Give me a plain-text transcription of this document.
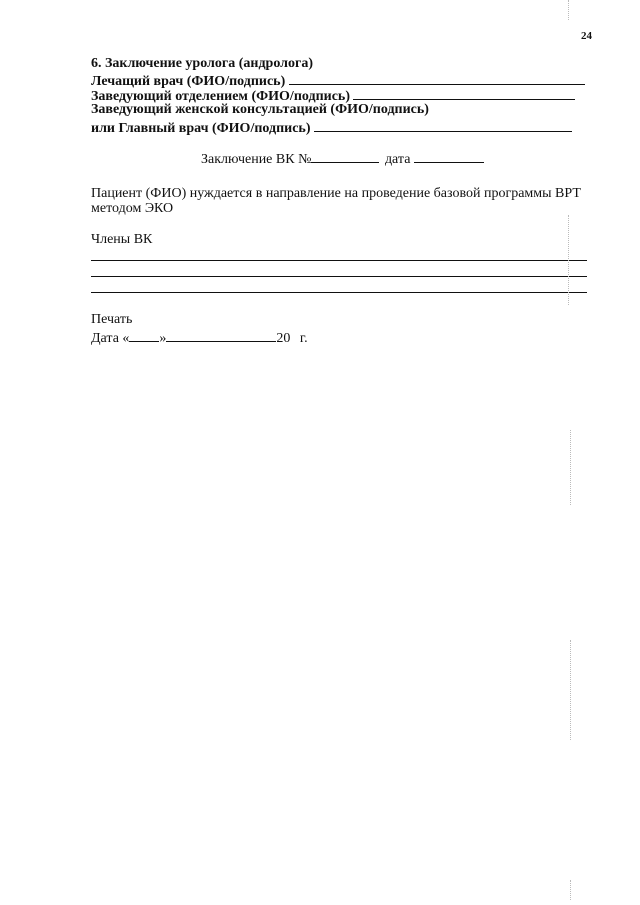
24
6. Заключение уролога (андролога)
Лечащий врач (ФИО/подпись)
Заведующий отделением (ФИО/подпись)
Заведующий женской консультацией (ФИО/подпись)
или Главный врач (ФИО/подпись)
Заключение ВК №	дата
Пациент (ФИО) нуждается в направление на проведение базовой программы ВРТ
методом ЭКО
Члены ВК
Печать
Дата « »	20 г.
